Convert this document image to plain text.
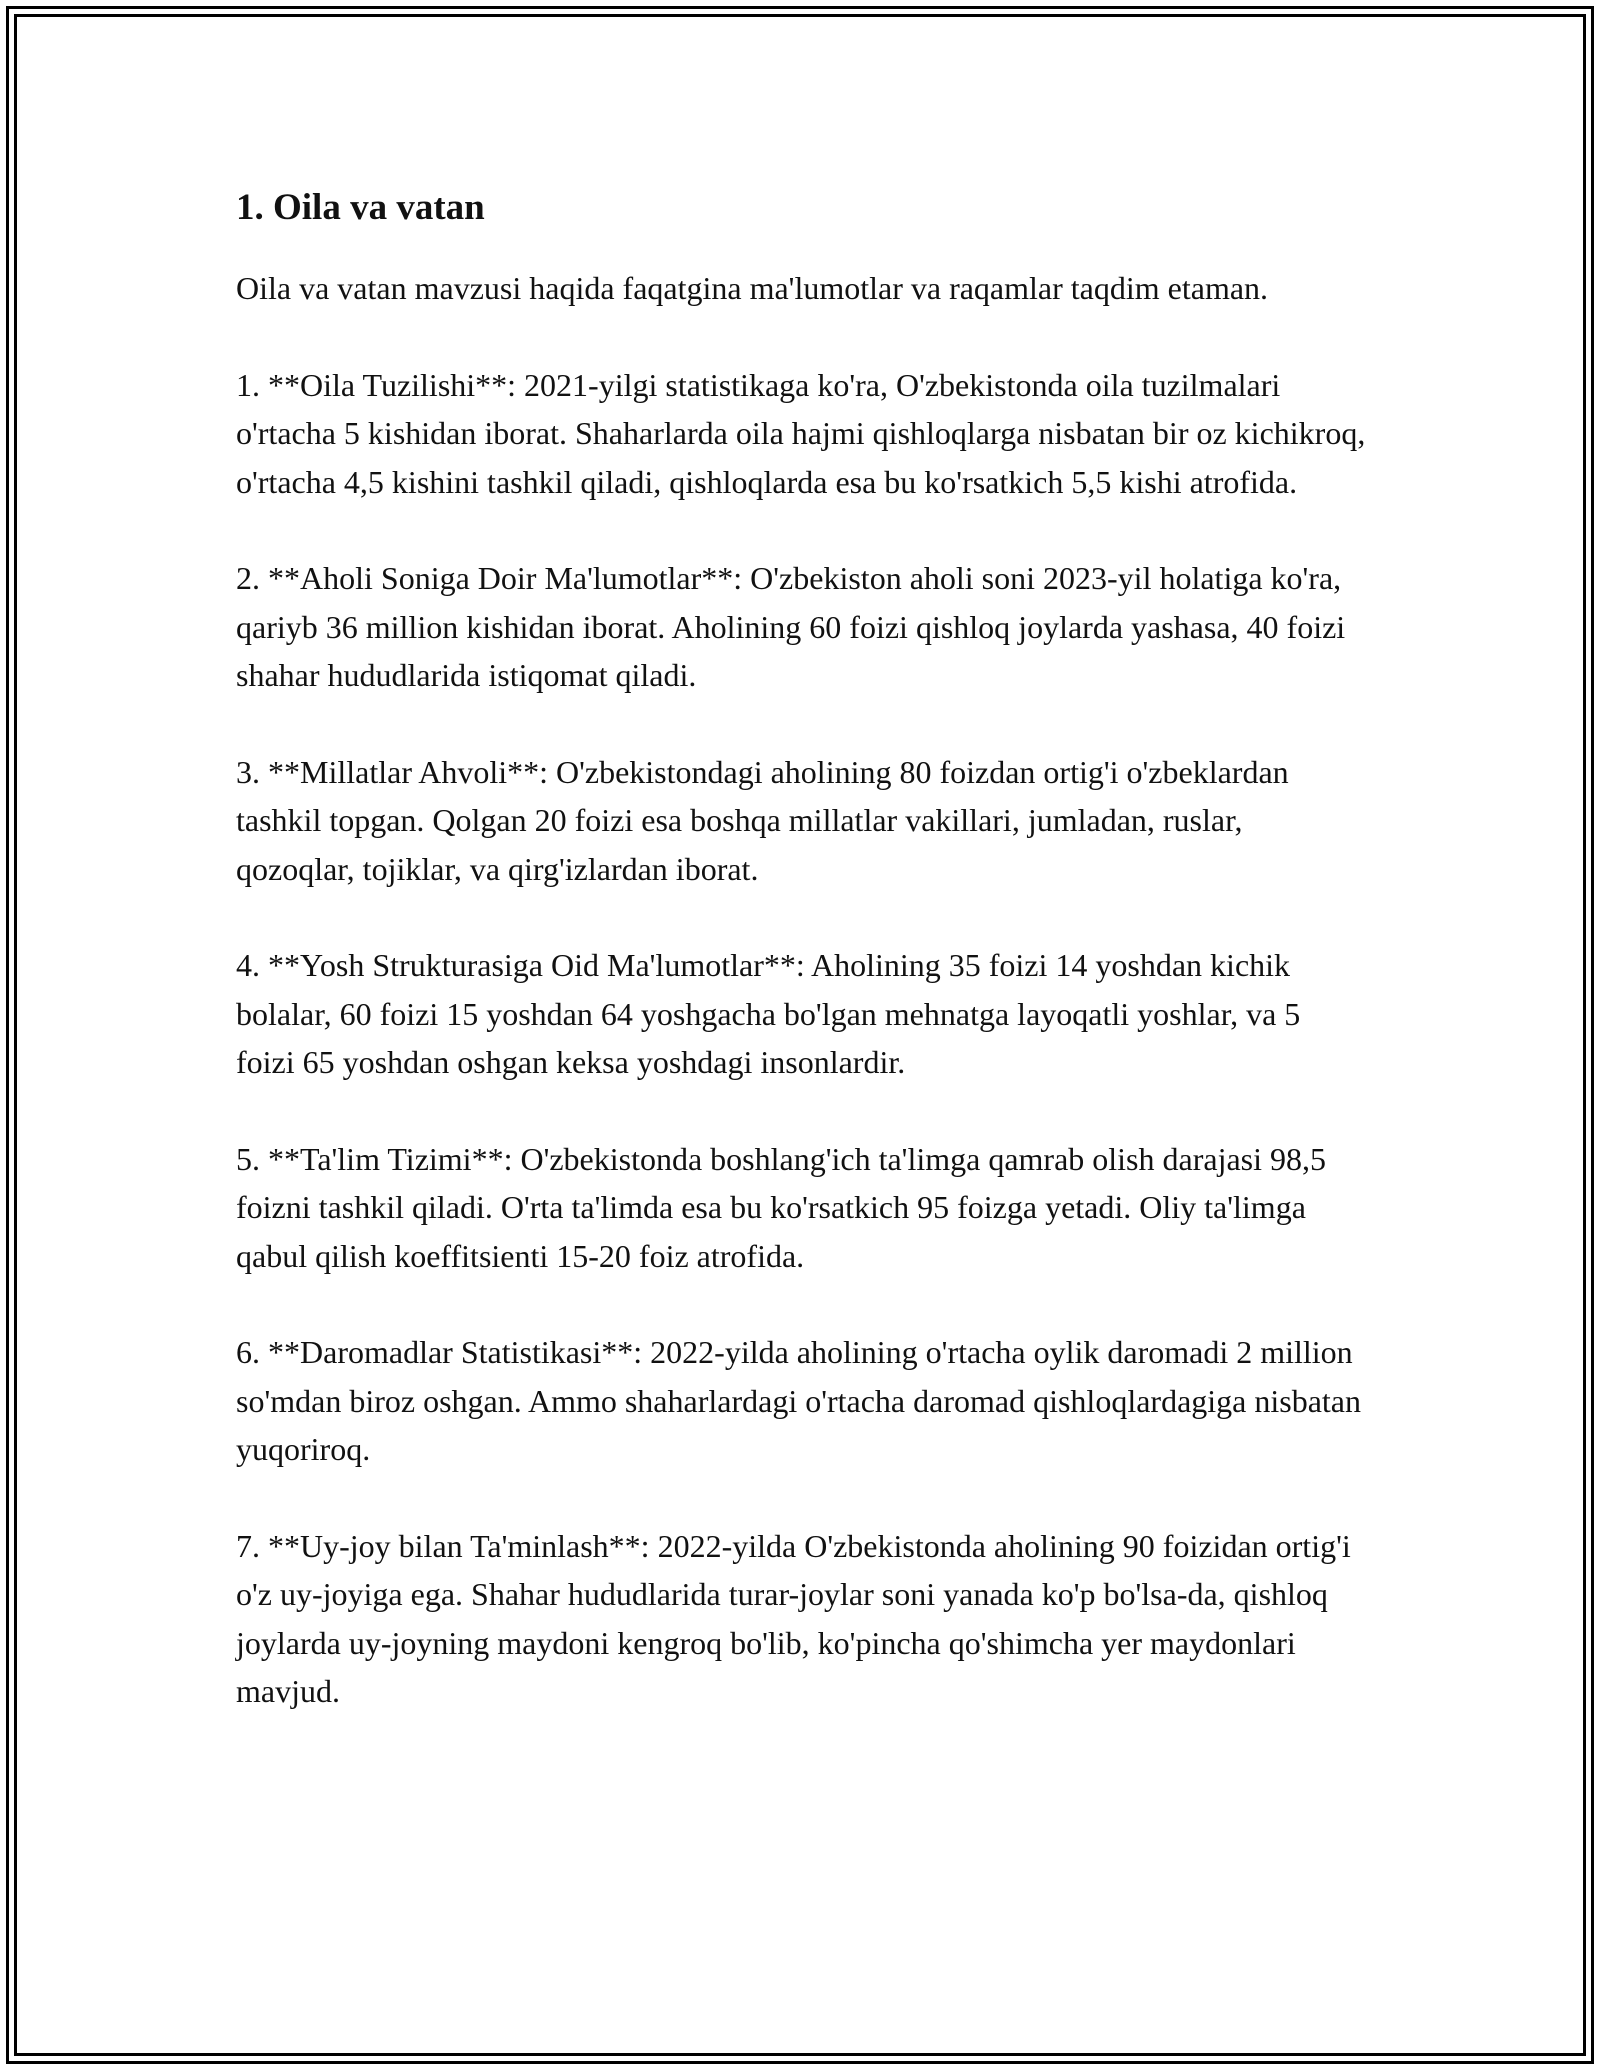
1. Oila va vatan

Oila va vatan mavzusi haqida faqatgina ma'lumotlar va raqamlar taqdim etaman.

1. **Oila Tuzilishi**: 2021-yilgi statistikaga ko'ra, O'zbekistonda oila tuzilmalari o'rtacha 5 kishidan iborat. Shaharlarda oila hajmi qishloqlarga nisbatan bir oz kichikroq, o'rtacha 4,5 kishini tashkil qiladi, qishloqlarda esa bu ko'rsatkich 5,5 kishi atrofida.

2. **Aholi Soniga Doir Ma'lumotlar**: O'zbekiston aholi soni 2023-yil holatiga ko'ra, qariyb 36 million kishidan iborat. Aholining 60 foizi qishloq joylarda yashasa, 40 foizi shahar hududlarida istiqomat qiladi.

3. **Millatlar Ahvoli**: O'zbekistondagi aholining 80 foizdan ortig'i o'zbeklardan tashkil topgan. Qolgan 20 foizi esa boshqa millatlar vakillari, jumladan, ruslar, qozoqlar, tojiklar, va qirg'izlardan iborat.

4. **Yosh Strukturasiga Oid Ma'lumotlar**: Aholining 35 foizi 14 yoshdan kichik bolalar, 60 foizi 15 yoshdan 64 yoshgacha bo'lgan mehnatga layoqatli yoshlar, va 5 foizi 65 yoshdan oshgan keksa yoshdagi insonlardir.

5. **Ta'lim Tizimi**: O'zbekistonda boshlang'ich ta'limga qamrab olish darajasi 98,5 foizni tashkil qiladi. O'rta ta'limda esa bu ko'rsatkich 95 foizga yetadi. Oliy ta'limga qabul qilish koeffitsienti 15-20 foiz atrofida.

6. **Daromadlar Statistikasi**: 2022-yilda aholining o'rtacha oylik daromadi 2 million so'mdan biroz oshgan. Ammo shaharlardagi o'rtacha daromad qishloqlardagiga nisbatan yuqoriroq.

7. **Uy-joy bilan Ta'minlash**: 2022-yilda O'zbekistonda aholining 90 foizidan ortig'i o'z uy-joyiga ega. Shahar hududlarida turar-joylar soni yanada ko'p bo'lsa-da, qishloq joylarda uy-joyning maydoni kengroq bo'lib, ko'pincha qo'shimcha yer maydonlari mavjud.
